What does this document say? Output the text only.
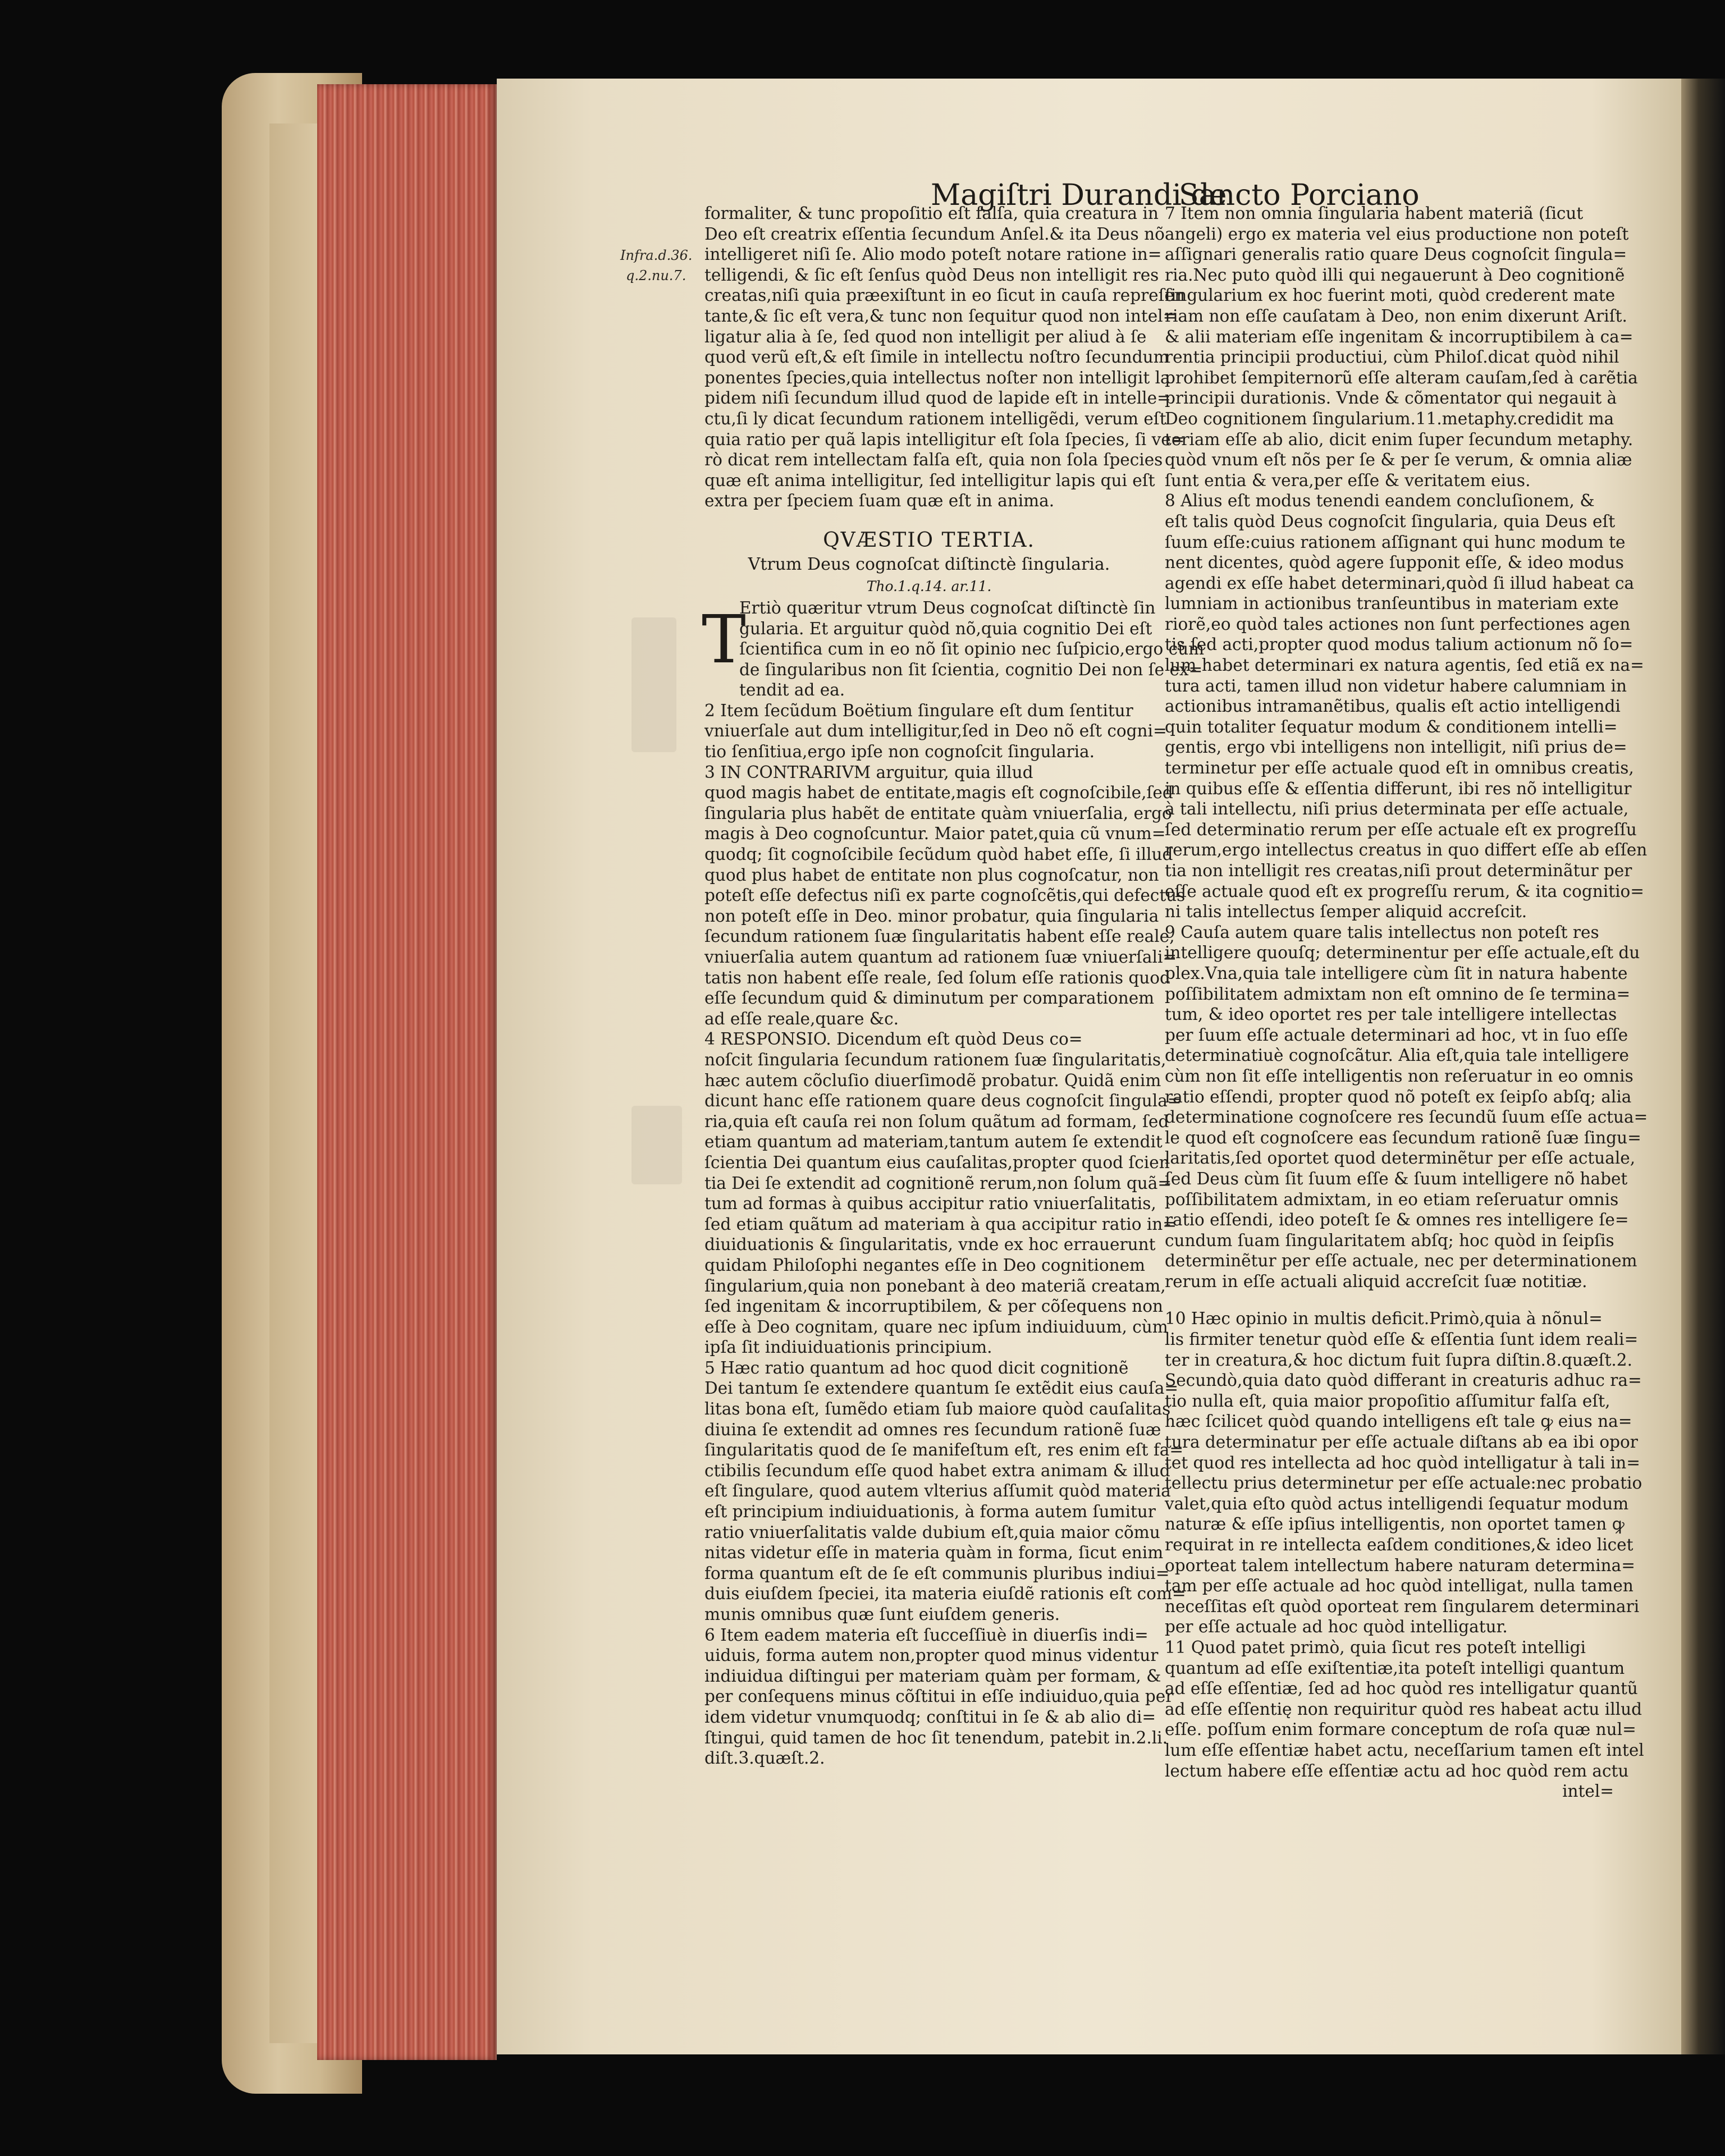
Magiſtri Durandi de
Sancto Porciano
Infra.d.36.
q.2.nu.7.
formaliter, & tunc propoſitio eſt falſa, quia creatura in
Deo eſt creatrix eſſentia ſecundum Anſel.& ita Deus nõ
intelligeret niſi ſe. Alio modo poteſt notare ratione in=
telligendi, & ſic eſt ſenſus quòd Deus non intelligit res
creatas,niſi quia præexiſtunt in eo ſicut in cauſa repreſen
tante,& ſic eſt vera,& tunc non ſequitur quod non intel=
ligatur alia à ſe, ſed quod non intelligit per aliud à ſe
quod verũ eſt,& eſt ſimile in intellectu noſtro ſecundum
ponentes ſpecies,quia intellectus noſter non intelligit la
pidem niſi ſecundum illud quod de lapide eſt in intelle=
ctu,ſi ly dicat ſecundum rationem intelligẽdi, verum eſt
quia ratio per quã lapis intelligitur eſt ſola ſpecies, ſi ve=
rò dicat rem intellectam falſa eſt, quia non ſola ſpecies
quæ eſt anima intelligitur, ſed intelligitur lapis qui eſt
extra per ſpeciem ſuam quæ eſt in anima.
QVÆSTIO TERTIA.
Vtrum Deus cognoſcat diſtinctè ſingularia.
Tho.1.q.14. ar.11.
Ertiò quæritur vtrum Deus cognoſcat diſtinctè ſin
gularia. Et arguitur quòd nõ,quia cognitio Dei eſt
ſcientifica cum in eo nõ ſit opinio nec ſuſpicio,ergo cùm
de ſingularibus non ſit ſcientia, cognitio Dei non ſe ex=
tendit ad ea.
2 Item ſecũdum Boëtium ſingulare eſt dum ſentitur
vniuerſale aut dum intelligitur,ſed in Deo nõ eſt cogni=
tio ſenſitiua,ergo ipſe non cognoſcit ſingularia.
3 IN CONTRARIVM arguitur, quia illud
quod magis habet de entitate,magis eſt cognoſcibile,ſed
ſingularia plus habẽt de entitate quàm vniuerſalia, ergo
magis à Deo cognoſcuntur. Maior patet,quia cũ vnum=
quodq; ſit cognoſcibile ſecũdum quòd habet eſſe, ſi illud
quod plus habet de entitate non plus cognoſcatur, non
poteſt eſſe defectus niſi ex parte cognoſcẽtis,qui defectus
non poteſt eſſe in Deo. minor probatur, quia ſingularia
ſecundum rationem ſuæ ſingularitatis habent eſſe reale,
vniuerſalia autem quantum ad rationem ſuæ vniuerſali=
tatis non habent eſſe reale, ſed ſolum eſſe rationis quod
eſſe ſecundum quid & diminutum per comparationem
ad eſſe reale,quare &c.
4 RESPONSIO. Dicendum eſt quòd Deus co=
noſcit ſingularia ſecundum rationem ſuæ ſingularitatis,
hæc autem cõcluſio diuerſimodẽ probatur. Quidã enim
dicunt hanc eſſe rationem quare deus cognoſcit ſingula=
ria,quia eſt cauſa rei non ſolum quãtum ad formam, ſed
etiam quantum ad materiam,tantum autem ſe extendit
ſcientia Dei quantum eius cauſalitas,propter quod ſcien
tia Dei ſe extendit ad cognitionẽ rerum,non ſolum quã=
tum ad formas à quibus accipitur ratio vniuerſalitatis,
ſed etiam quãtum ad materiam à qua accipitur ratio in=
diuiduationis & ſingularitatis, vnde ex hoc errauerunt
quidam Philoſophi negantes eſſe in Deo cognitionem
ſingularium,quia non ponebant à deo materiã creatam,
ſed ingenitam & incorruptibilem, & per cõſequens non
eſſe à Deo cognitam, quare nec ipſum indiuiduum, cùm
ipſa ſit indiuiduationis principium.
5 Hæc ratio quantum ad hoc quod dicit cognitionẽ
Dei tantum ſe extendere quantum ſe extẽdit eius cauſa=
litas bona eſt, ſumẽdo etiam ſub maiore quòd cauſalitas
diuina ſe extendit ad omnes res ſecundum rationẽ ſuæ
ſingularitatis quod de ſe manifeſtum eſt, res enim eſt fa=
ctibilis ſecundum eſſe quod habet extra animam & illud
eſt ſingulare, quod autem vlterius aſſumit quòd materia
eſt principium indiuiduationis, à forma autem ſumitur
ratio vniuerſalitatis valde dubium eſt,quia maior cõmu
nitas videtur eſſe in materia quàm in forma, ſicut enim
forma quantum eſt de ſe eſt communis pluribus indiui=
duis eiuſdem ſpeciei, ita materia eiuſdẽ rationis eſt com=
munis omnibus quæ ſunt eiuſdem generis.
6 Item eadem materia eſt ſucceſſiuè in diuerſis indi=
uiduis, forma autem non,propter quod minus videntur
indiuidua diſtingui per materiam quàm per formam, &
per conſequens minus cõſtitui in eſſe indiuiduo,quia per
idem videtur vnumquodq; conſtitui in ſe & ab alio di=
ſtingui, quid tamen de hoc ſit tenendum, patebit in.2.li.
diſt.3.quæſt.2.
T
7 Item non omnia ſingularia habent materiã (ſicut
angeli) ergo ex materia vel eius productione non poteſt
aſſignari generalis ratio quare Deus cognoſcit ſingula=
ria.Nec puto quòd illi qui negauerunt à Deo cognitionẽ
ſingularium ex hoc fuerint moti, quòd crederent mate
riam non eſſe cauſatam à Deo, non enim dixerunt Ariſt.
& alii materiam eſſe ingenitam & incorruptibilem à ca=
rentia principii productiui, cùm Philoſ.dicat quòd nihil
prohibet ſempiternorũ eſſe alteram cauſam,ſed à carẽtia
principii durationis. Vnde & cõmentator qui negauit à
Deo cognitionem ſingularium.11.metaphy.credidit ma
teriam eſſe ab alio, dicit enim ſuper ſecundum metaphy.
quòd vnum eſt nõs per ſe & per ſe verum, & omnia aliæ
ſunt entia & vera,per eſſe & veritatem eius.
8 Alius eſt modus tenendi eandem concluſionem, &
eſt talis quòd Deus cognoſcit ſingularia, quia Deus eſt
ſuum eſſe:cuius rationem aſſignant qui hunc modum te
nent dicentes, quòd agere ſupponit eſſe, & ideo modus
agendi ex eſſe habet determinari,quòd ſi illud habeat ca
lumniam in actionibus tranſeuntibus in materiam exte
riorẽ,eo quòd tales actiones non ſunt perfectiones agen
tis ſed acti,propter quod modus talium actionum nõ ſo=
lum habet determinari ex natura agentis, ſed etiã ex na=
tura acti, tamen illud non videtur habere calumniam in
actionibus intramanẽtibus, qualis eſt actio intelligendi
quin totaliter ſequatur modum & conditionem intelli=
gentis, ergo vbi intelligens non intelligit, niſi prius de=
terminetur per eſſe actuale quod eſt in omnibus creatis,
in quibus eſſe & eſſentia differunt, ibi res nõ intelligitur
à tali intellectu, niſi prius determinata per eſſe actuale,
ſed determinatio rerum per eſſe actuale eſt ex progreſſu
rerum,ergo intellectus creatus in quo differt eſſe ab eſſen
tia non intelligit res creatas,niſi prout determinãtur per
eſſe actuale quod eſt ex progreſſu rerum, & ita cognitio=
ni talis intellectus ſemper aliquid accreſcit.
9 Cauſa autem quare talis intellectus non poteſt res
intelligere quouſq; determinentur per eſſe actuale,eſt du
plex.Vna,quia tale intelligere cùm ſit in natura habente
poſſibilitatem admixtam non eſt omnino de ſe termina=
tum, & ideo oportet res per tale intelligere intellectas
per ſuum eſſe actuale determinari ad hoc, vt in ſuo eſſe
determinatiuè cognoſcãtur. Alia eſt,quia tale intelligere
cùm non ſit eſſe intelligentis non reſeruatur in eo omnis
ratio eſſendi, propter quod nõ poteſt ex ſeipſo abſq; alia
determinatione cognoſcere res ſecundũ ſuum eſſe actua=
le quod eſt cognoſcere eas ſecundum rationẽ ſuæ ſingu=
laritatis,ſed oportet quod determinẽtur per eſſe actuale,
ſed Deus cùm ſit ſuum eſſe & ſuum intelligere nõ habet
poſſibilitatem admixtam, in eo etiam reſeruatur omnis
ratio eſſendi, ideo poteſt ſe & omnes res intelligere ſe=
cundum ſuam ſingularitatem abſq; hoc quòd in ſeipſis
determinẽtur per eſſe actuale, nec per determinationem
rerum in eſſe actuali aliquid accreſcit ſuæ notitiæ.
10 Hæc opinio in multis deficit.Primò,quia à nõnul=
lis firmiter tenetur quòd eſſe & eſſentia ſunt idem reali=
ter in creatura,& hoc dictum fuit ſupra diſtin.8.quæſt.2.
Secundò,quia dato quòd differant in creaturis adhuc ra=
tio nulla eſt, quia maior propoſitio aſſumitur falſa eſt,
hæc ſcilicet quòd quando intelligens eſt tale ꝙ eius na=
tura determinatur per eſſe actuale diſtans ab ea ibi opor
tet quod res intellecta ad hoc quòd intelligatur à tali in=
tellectu prius determinetur per eſſe actuale:nec probatio
valet,quia eſto quòd actus intelligendi ſequatur modum
naturæ & eſſe ipſius intelligentis, non oportet tamen ꝙ
requirat in re intellecta eaſdem conditiones,& ideo licet
oporteat talem intellectum habere naturam determina=
tam per eſſe actuale ad hoc quòd intelligat, nulla tamen
neceſſitas eſt quòd oporteat rem ſingularem determinari
per eſſe actuale ad hoc quòd intelligatur.
11 Quod patet primò, quia ſicut res poteſt intelligi
quantum ad eſſe exiſtentiæ,ita poteſt intelligi quantum
ad eſſe eſſentiæ, ſed ad hoc quòd res intelligatur quantũ
ad eſſe eſſentię non requiritur quòd res habeat actu illud
eſſe. poſſum enim formare conceptum de roſa quæ nul=
lum eſſe eſſentiæ habet actu, neceſſarium tamen eſt intel
lectum habere eſſe eſſentiæ actu ad hoc quòd rem actu
intel=
